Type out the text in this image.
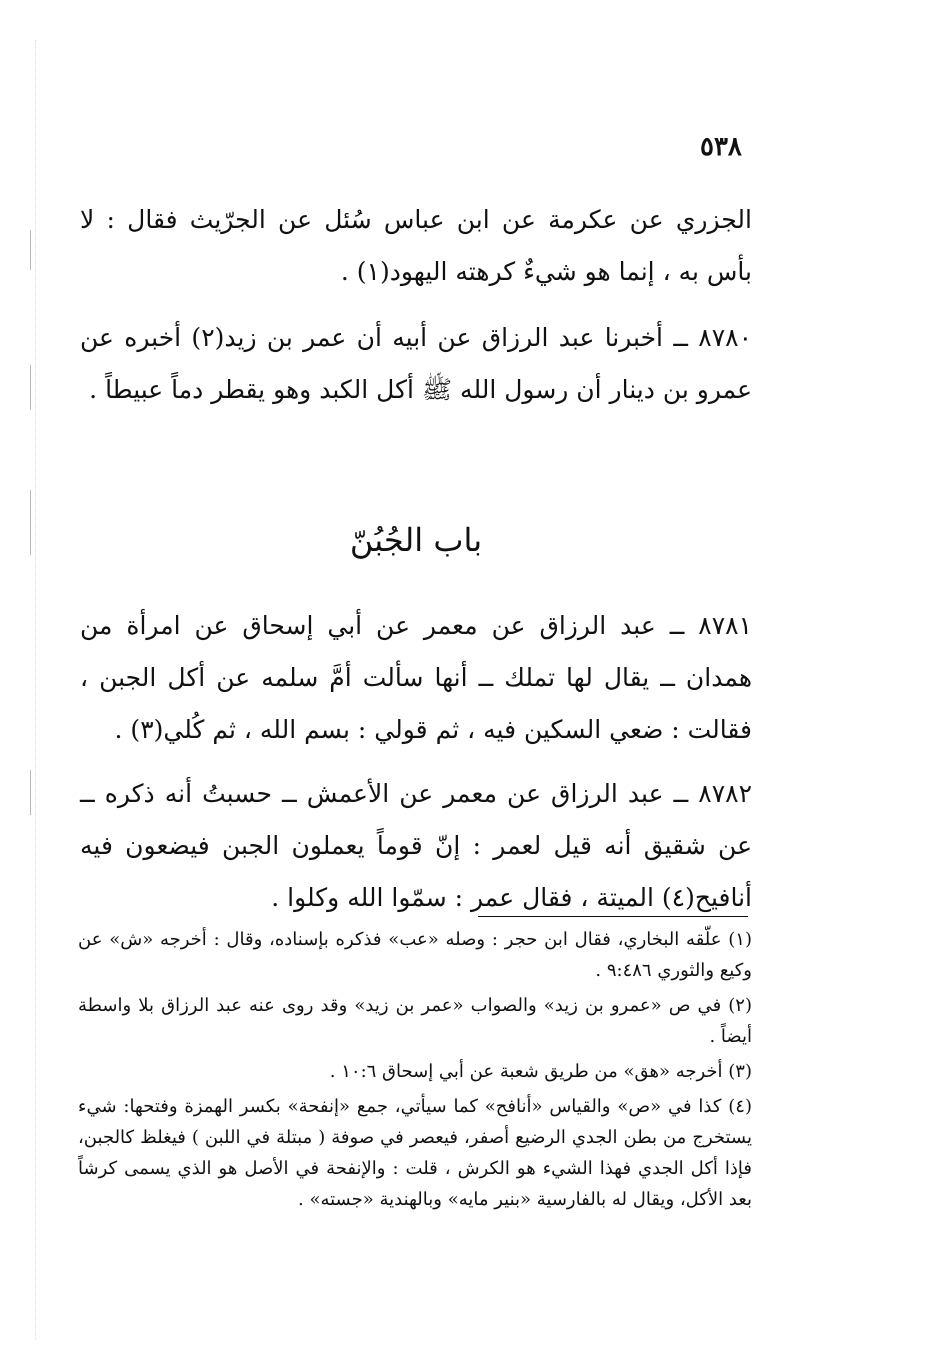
٥٣٨

الجزري عن عكرمة عن ابن عباس سُئل عن الجرّيث فقال : لا بأس به ، إنما هو شيءٌ كرهته اليهود(١) .

٨٧٨٠ ــ أخبرنا عبد الرزاق عن أبيه أن عمر بن زيد(٢) أخبره عن عمرو بن دينار أن رسول الله ﷺ أكل الكبد وهو يقطر دماً عبيطاً .

باب الجُبُنّ

٨٧٨١ ــ عبد الرزاق عن معمر عن أبي إسحاق عن امرأة من همدان ــ يقال لها تملك ــ أنها سألت أمَّ سلمه عن أكل الجبن ، فقالت : ضعي السكين فيه ، ثم قولي : بسم الله ، ثم كُلي(٣) .

٨٧٨٢ ــ عبد الرزاق عن معمر عن الأعمش ــ حسبتُ أنه ذكره ــ عن شقيق أنه قيل لعمر : إنّ قوماً يعملون الجبن فيضعون فيه أنافيح(٤) الميتة ، فقال عمر : سمّوا الله وكلوا .

(١) علّقه البخاري، فقال ابن حجر : وصله «عب» فذكره بإسناده، وقال : أخرجه «ش» عن وكيع والثوري ٩:٤٨٦ .

(٢) في ص «عمرو بن زيد» والصواب «عمر بن زيد» وقد روى عنه عبد الرزاق بلا واسطة أيضاً .

(٣) أخرجه «هق» من طريق شعبة عن أبي إسحاق ١٠:٦ .

(٤) كذا في «ص» والقياس «أنافح» كما سيأتي، جمع «إنفحة» بكسر الهمزة وفتحها: شيء يستخرج من بطن الجدي الرضيع أصفر، فيعصر في صوفة ( مبتلة في اللبن ) فيغلظ كالجبن، فإذا أكل الجدي فهذا الشيء هو الكرش ، قلت : والإنفحة في الأصل هو الذي يسمى كرشاً بعد الأكل، ويقال له بالفارسية «بنير مايه» وبالهندية «جسته» .
